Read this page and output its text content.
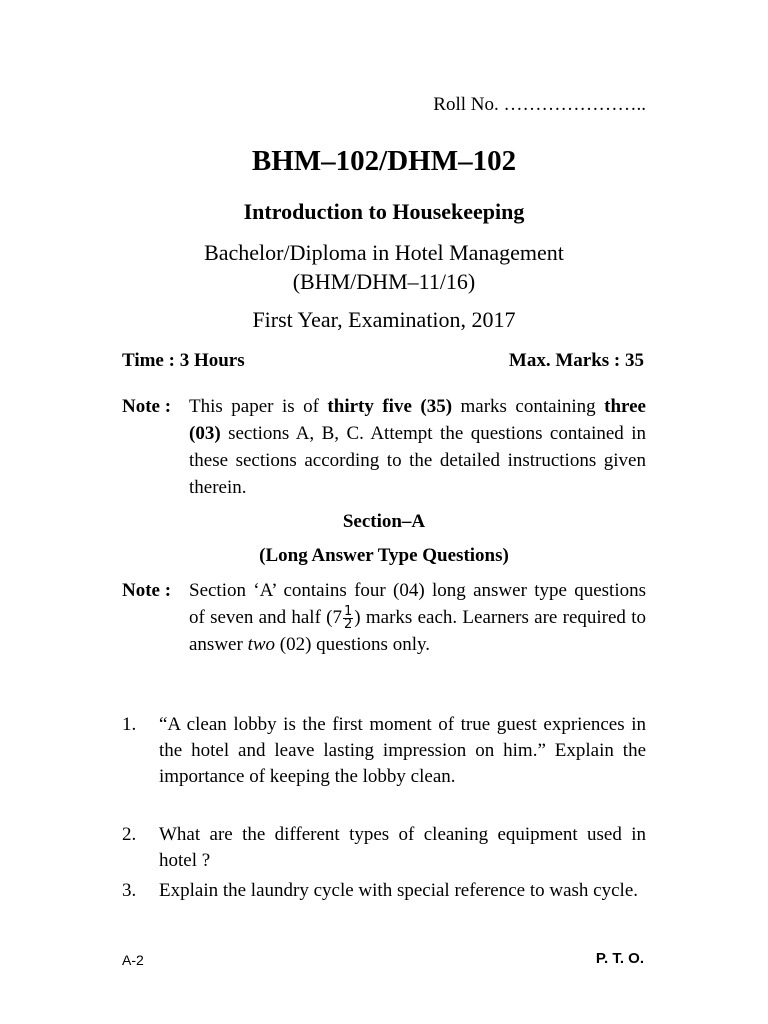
Roll No. …………………..
BHM–102/DHM–102
Introduction to Housekeeping
Bachelor/Diploma in Hotel Management
(BHM/DHM–11/16)
First Year, Examination, 2017
Time : 3 Hours	Max. Marks : 35
Note : This paper is of thirty five (35) marks containing three (03) sections A, B, C. Attempt the questions contained in these sections according to the detailed instructions given therein.
Section–A
(Long Answer Type Questions)
Note : Section ‘A’ contains four (04) long answer type questions of seven and half ($7 \frac{1}{2}$ ) marks each. Learners are required to answer two (02) questions only.
1. “A clean lobby is the first moment of true guest expriences in the hotel and leave lasting impression on him.” Explain the importance of keeping the lobby clean.
2. What are the different types of cleaning equipment used in hotel ?
3. Explain the laundry cycle with special reference to wash cycle.
A-2	P. T. O.
